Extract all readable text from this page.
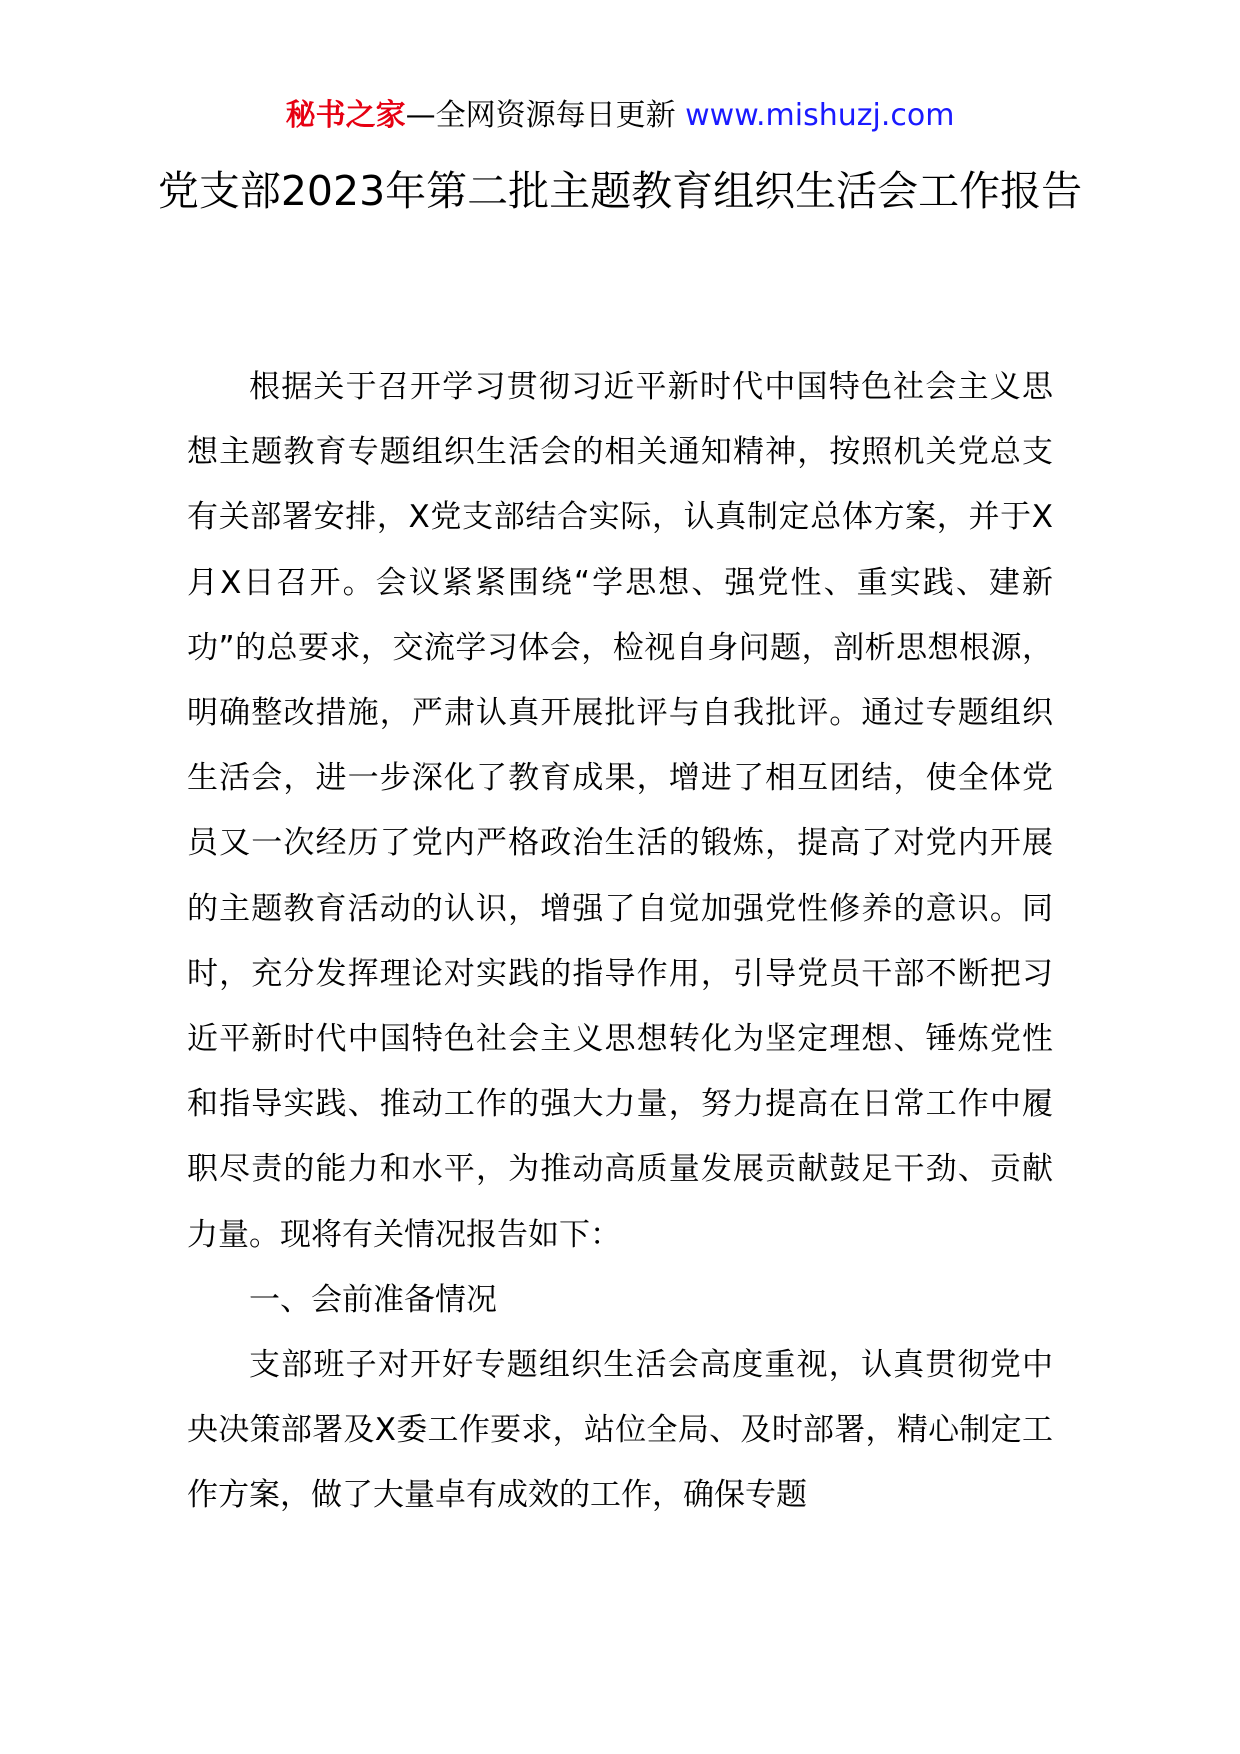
秘书之家—全网资源每日更新 www.mishuzj.com
党支部2023年第二批主题教育组织生活会工作报告

根据关于召开学习贯彻习近平新时代中国特色社会主义思想主题教育专题组织生活会的相关通知精神，按照机关党总支有关部署安排，X党支部结合实际，认真制定总体方案，并于X月X日召开。会议紧紧围绕“学思想、强党性、重实践、建新功”的总要求，交流学习体会，检视自身问题，剖析思想根源，明确整改措施，严肃认真开展批评与自我批评。通过专题组织生活会，进一步深化了教育成果，增进了相互团结，使全体党员又一次经历了党内严格政治生活的锻炼，提高了对党内开展的主题教育活动的认识，增强了自觉加强党性修养的意识。同时，充分发挥理论对实践的指导作用，引导党员干部不断把习近平新时代中国特色社会主义思想转化为坚定理想、锤炼党性和指导实践、推动工作的强大力量，努力提高在日常工作中履职尽责的能力和水平，为推动高质量发展贡献鼓足干劲、贡献力量。现将有关情况报告如下：

一、会前准备情况

支部班子对开好专题组织生活会高度重视，认真贯彻党中央决策部署及X委工作要求，站位全局、及时部署，精心制定工作方案，做了大量卓有成效的工作，确保专题
